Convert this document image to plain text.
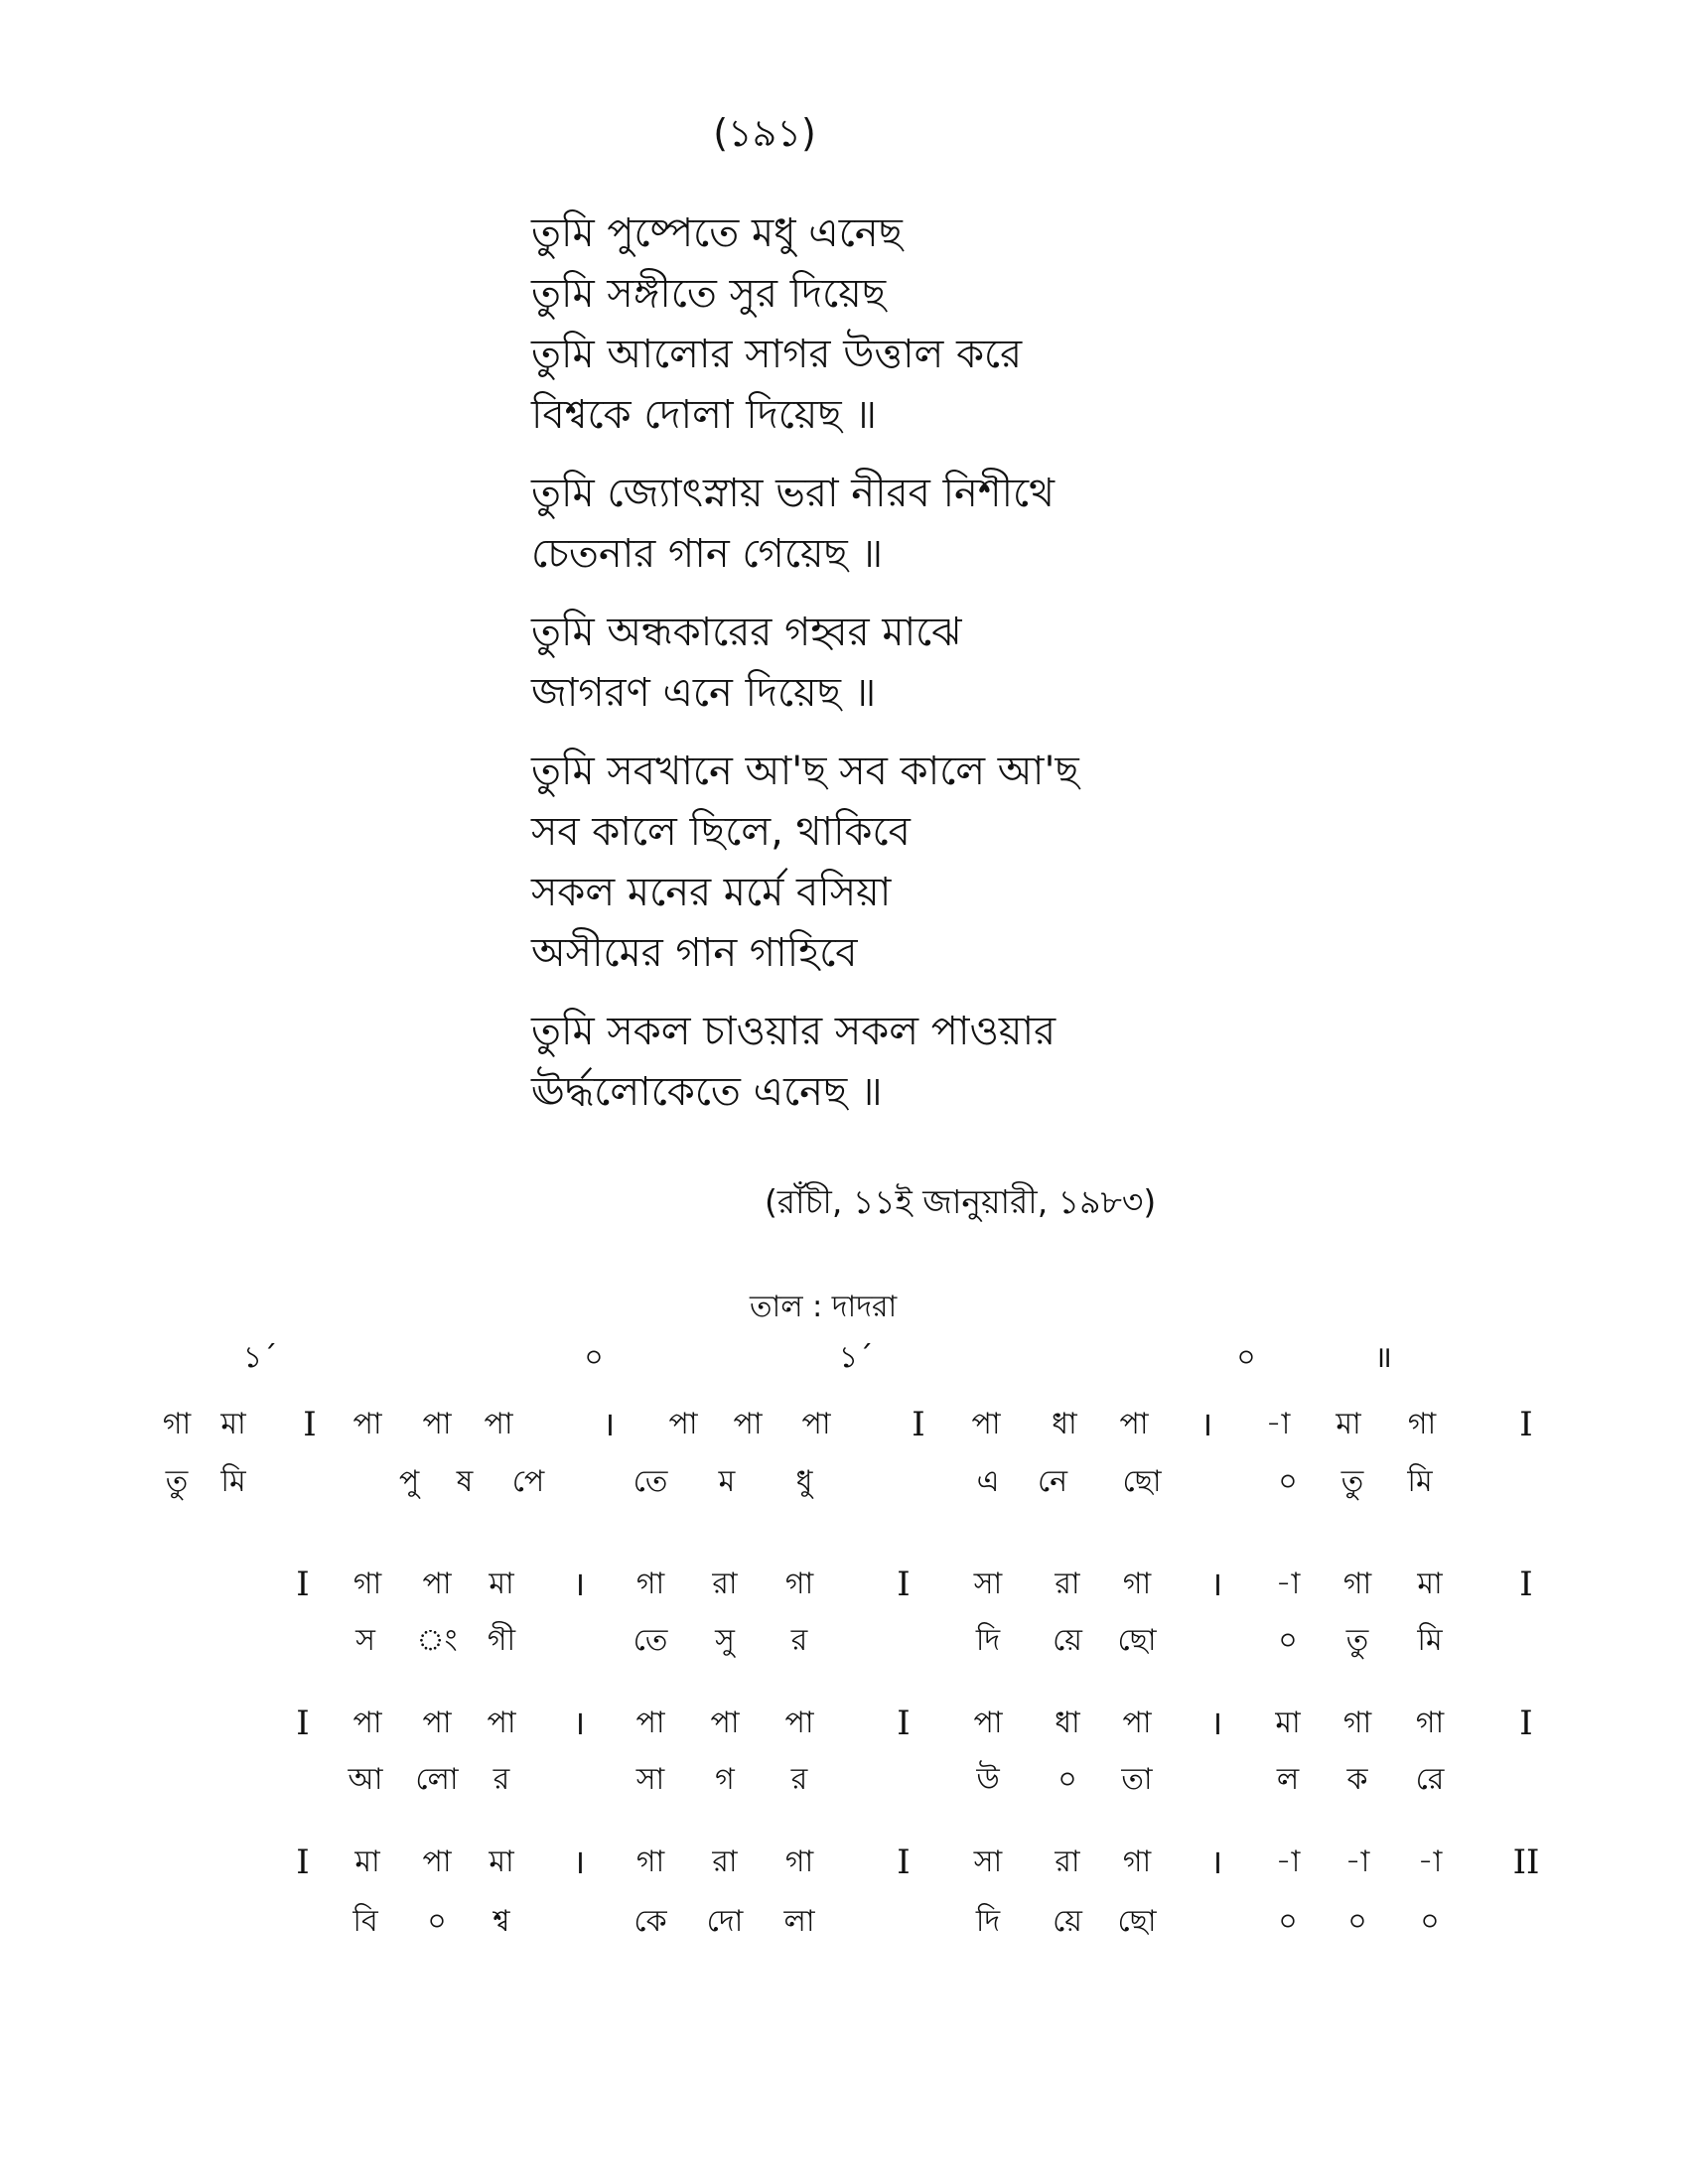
(১৯১)
তুমি পুষ্পেতে মধু এনেছ
তুমি সঙ্গীতে সুর দিয়েছ
তুমি আলোর সাগর উত্তাল করে
বিশ্বকে দোলা দিয়েছ ॥
তুমি জ্যোৎস্নায় ভরা নীরব নিশীথে
চেতনার গান গেয়েছ ॥
তুমি অন্ধকারের গহ্বর মাঝে
জাগরণ এনে দিয়েছ ॥
তুমি সবখানে আ'ছ সব কালে আ'ছ
সব কালে ছিলে, থাকিবে
সকল মনের মর্মে বসিয়া
অসীমের গান গাহিবে
তুমি সকল চাওয়ার সকল পাওয়ার
ঊর্দ্ধলোকেতে এনেছ ॥
(রাঁচী, ১১ই জানুয়ারী, ১৯৮৩)
তাল : দাদরা
১´	০	১´	০	॥
গা মা I পা পা পা	। পা পা পা I পা ধা পা । -া মা গা I
তু মি	পু ষ পে	তে ম ধু	এ নে ছো	০ তু মি
I গা পা মা । গা রা গা I সা রা গা । -া গা মা I
স ং গী	তে সু র	দি য়ে ছো	০ তু মি
I পা পা পা । পা পা পা I পা ধা পা । মা গা গা I
আ লো র	সা গ র	উ ০ তা	ল ক রে
I মা পা মা । গা রা গা I সা রা গা । -া -া -া II
বি ০ শ্ব	কে দো লা	দি য়ে ছো	০ ০ ০
